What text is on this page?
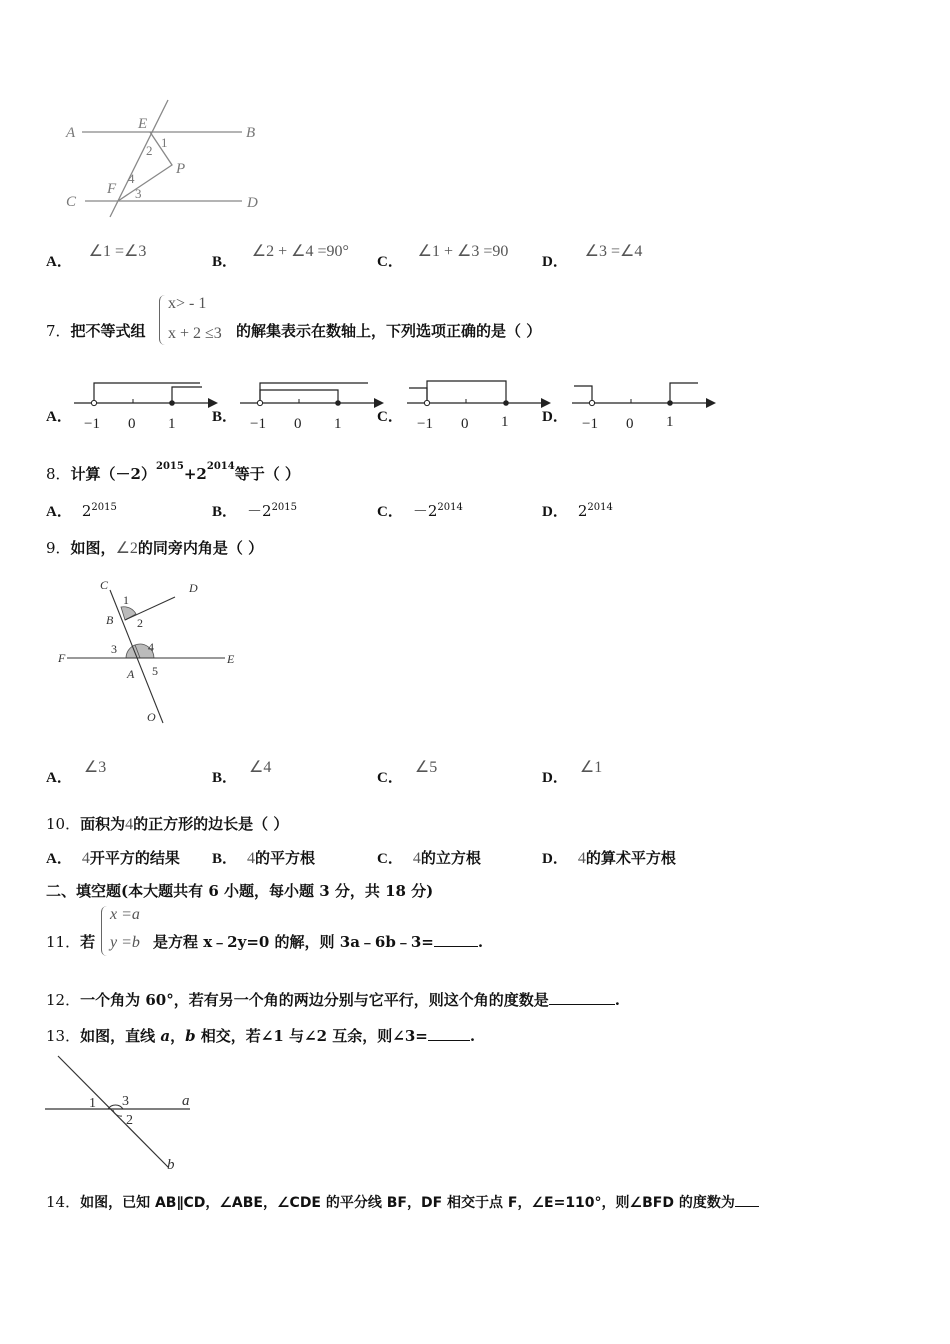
A
E
B
1
2
P
4
F 3
C	D
A． ∠1 =∠3
B． ∠2 + ∠4 =90°
C． ∠1 + ∠3 =90
D． ∠3 =∠4
7．把不等式组
x> - 1
x + 2 ≤3 的解集表示在数轴上，下列选项正确的是（ ）
A． −1 0 1 B． −1 0 1 C． −1 0 1 D． −1 0 1
8．计算$(-2)^{2015}+2^{2014}$等于（ ）
A． $2^{2015}$	B． $-2^{2015}$	C． $-2^{2014}$	D． $2^{2014}$
9．如图，∠2的同旁内角是（ ）
C	D
1
B 2
F
3	4
A 5
E
O
A．∠3
B．∠4
C．∠5
D．∠1
10．面积为4的正方形的边长是（ ）
A． 4开平方的结果 B． 4的平方根	C． 4的立方根	D． 4的算术平方根
二、填空题(本大题共有 6 小题，每小题 3 分，共 18 分)
11．若
x =a
y =b 是方程 x﹣2y=0 的解，则 3a﹣6b﹣3=	.
12．一个角为 60°，若有另一个角的两边分别与它平行，则这个角的度数是	.
13．如图，直线 a，b 相交，若∠1 与∠2 互余，则∠3=	.
1 3
2
a
b
14．如图，已知 AB∥CD，∠ABE，∠CDE 的平分线 BF，DF 相交于点 F，∠E=110°，则∠BFD 的度数为
